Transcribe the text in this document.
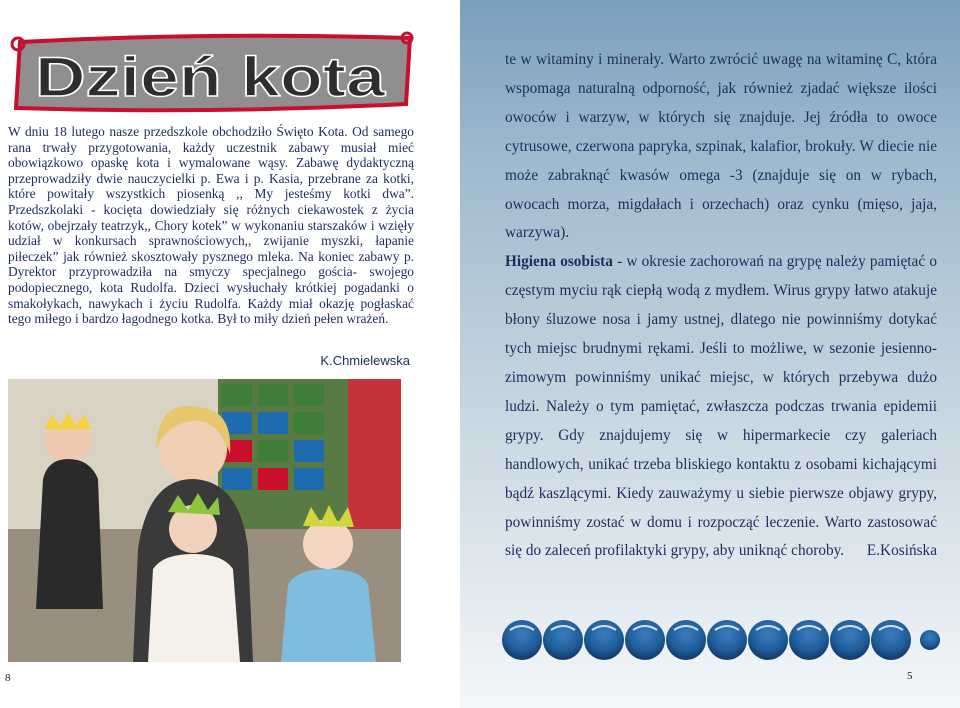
Dzień kota

W dniu 18 lutego nasze przedszkole obchodziło Święto Kota. Od samego rana trwały przygotowania, każdy uczestnik zabawy musiał mieć obowiązkowo opaskę kota i wymalowane wąsy. Zabawę dydaktyczną przeprowadziły dwie nauczycielki p. Ewa i p. Kasia, przebrane za kotki, które powitały wszystkich piosenką ,, My jesteśmy kotki dwa”. Przedszkolaki - kocięta dowiedziały się różnych ciekawostek z życia kotów, obejrzały teatrzyk,, Chory kotek” w wykonaniu starszaków i wzięły udział w konkursach sprawnościowych,, zwijanie myszki, łapanie piłeczek” jak również skosztowały pysznego mleka. Na koniec zabawy p. Dyrektor przyprowadziła na smyczy specjalnego gościa- swojego podopiecznego, kota Rudolfa. Dzieci wysłuchały krótkiej pogadanki o smakołykach, nawykach i życiu Rudolfa. Każdy miał okazję pogłaskać tego miłego i bardzo łagodnego kotka. Był to miły dzień pełen wrażeń.

K.Chmielewska
8

te w witaminy i minerały. Warto zwrócić uwagę na witaminę C, która wspomaga naturalną odporność, jak również zjadać większe ilości owoców i warzyw, w których się znajduje. Jej źródła to owoce cytrusowe, czerwona papryka, szpinak, kalafior, brokuły. W diecie nie może zabraknąć kwasów omega -3 (znajduje się on w rybach, owocach morza, migdałach i orzechach) oraz cynku (mięso, jaja, warzywa).

Higiena osobista - w okresie zachorowań na grypę należy pamiętać o częstym myciu rąk ciepłą wodą z mydłem. Wirus grypy łatwo atakuje błony śluzowe nosa i jamy ustnej, dlatego nie powinniśmy dotykać tych miejsc brudnymi rękami. Jeśli to możliwe, w sezonie jesienno-zimowym powinniśmy unikać miejsc, w których przebywa dużo ludzi. Należy o tym pamiętać, zwłaszcza podczas trwania epidemii grypy. Gdy znajdujemy się w hipermarkecie czy galeriach handlowych, unikać trzeba bliskiego kontaktu z osobami kichającymi bądź kaszlącymi. Kiedy zauważymy u siebie pierwsze objawy grypy, powinniśmy zostać w domu i rozpocząć leczenie. Warto zastosować się do zaleceń profilaktyki grypy, aby uniknąć choroby. E.Kosińska

5
